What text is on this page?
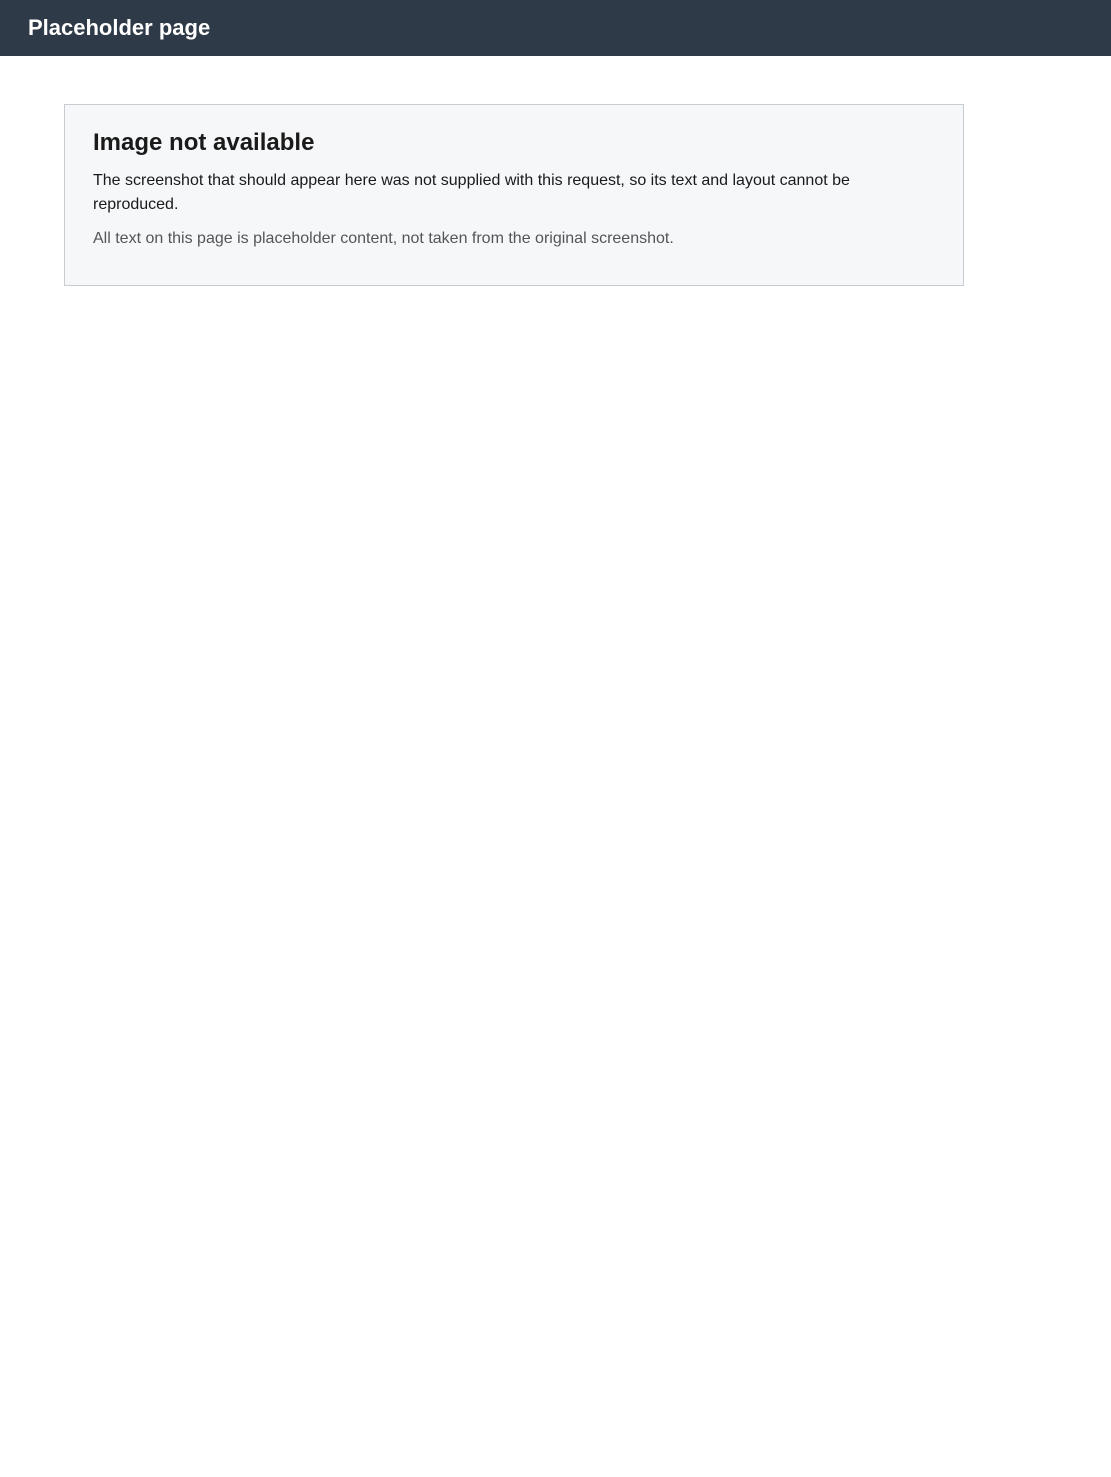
Placeholder page
Image not available

The screenshot that should appear here was not supplied with this request, so its text and layout cannot be reproduced.

All text on this page is placeholder content, not taken from the original screenshot.
